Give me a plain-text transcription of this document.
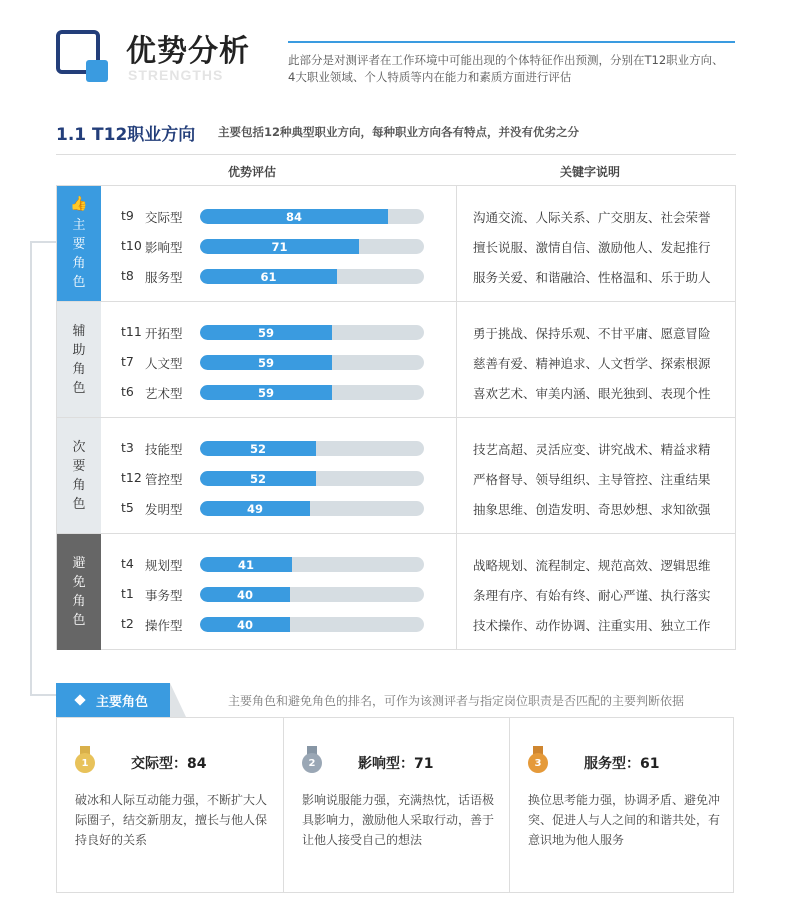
优势分析
STRENGTHS
此部分是对测评者在工作环境中可能出现的个体特征作出预测，分别在T12职业方向、4大职业领域、个人特质等内在能力和素质方面进行评估
1.1 T12职业方向 主要包括12种典型职业方向，每种职业方向各有特点，并没有优劣之分
优势评估	关键字说明
👍
主
要
角
色
t9 交际型	84	沟通交流、人际关系、广交朋友、社会荣誉
t10 影响型	71	擅长说服、激情自信、激励他人、发起推行
t8 服务型	61	服务关爱、和谐融洽、性格温和、乐于助人
辅
助
角
色
t11 开拓型	59	勇于挑战、保持乐观、不甘平庸、愿意冒险
t7 人文型	59	慈善有爱、精神追求、人文哲学、探索根源
t6 艺术型	59	喜欢艺术、审美内涵、眼光独到、表现个性
次
要
角
色
t3 技能型	52	技艺高超、灵活应变、讲究战术、精益求精
t12 管控型	52	严格督导、领导组织、主导管控、注重结果
t5 发明型	49	抽象思维、创造发明、奇思妙想、求知欲强
避
免
角
色
t4 规划型	41	战略规划、流程制定、规范高效、逻辑思维
t1 事务型	40	条理有序、有始有终、耐心严谨、执行落实
t2 操作型	40	技术操作、动作协调、注重实用、独立工作
主要角色	主要角色和避免角色的排名，可作为该测评者与指定岗位职责是否匹配的主要判断依据
1	交际型：84
破冰和人际互动能力强，不断扩大人际圈子，结交新朋友，擅长与他人保持良好的关系
2	影响型：71
影响说服能力强，充满热忱，话语极具影响力，激励他人采取行动，善于让他人接受自己的想法
3	服务型：61
换位思考能力强，协调矛盾、避免冲突、促进人与人之间的和谐共处，有意识地为他人服务
